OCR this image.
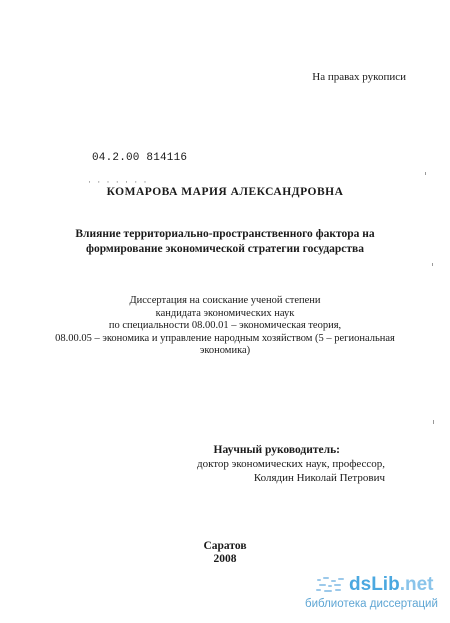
На правах рукописи

04.2.00 814116

· · · · · · ·

КОМАРОВА МАРИЯ АЛЕКСАНДРОВНА

Влияние территориально-пространственного фактора на
формирование экономической стратегии государства
Диссертация на соискание ученой степени
кандидата экономических наук
по специальности 08.00.01 – экономическая теория,
08.00.05 – экономика и управление народным хозяйством (5 – региональная
экономика)

Научный руководитель:

доктор экономических наук, профессор,

Колядин Николай Петрович

Саратов

2008

dsLib.net
библиотека диссертаций
